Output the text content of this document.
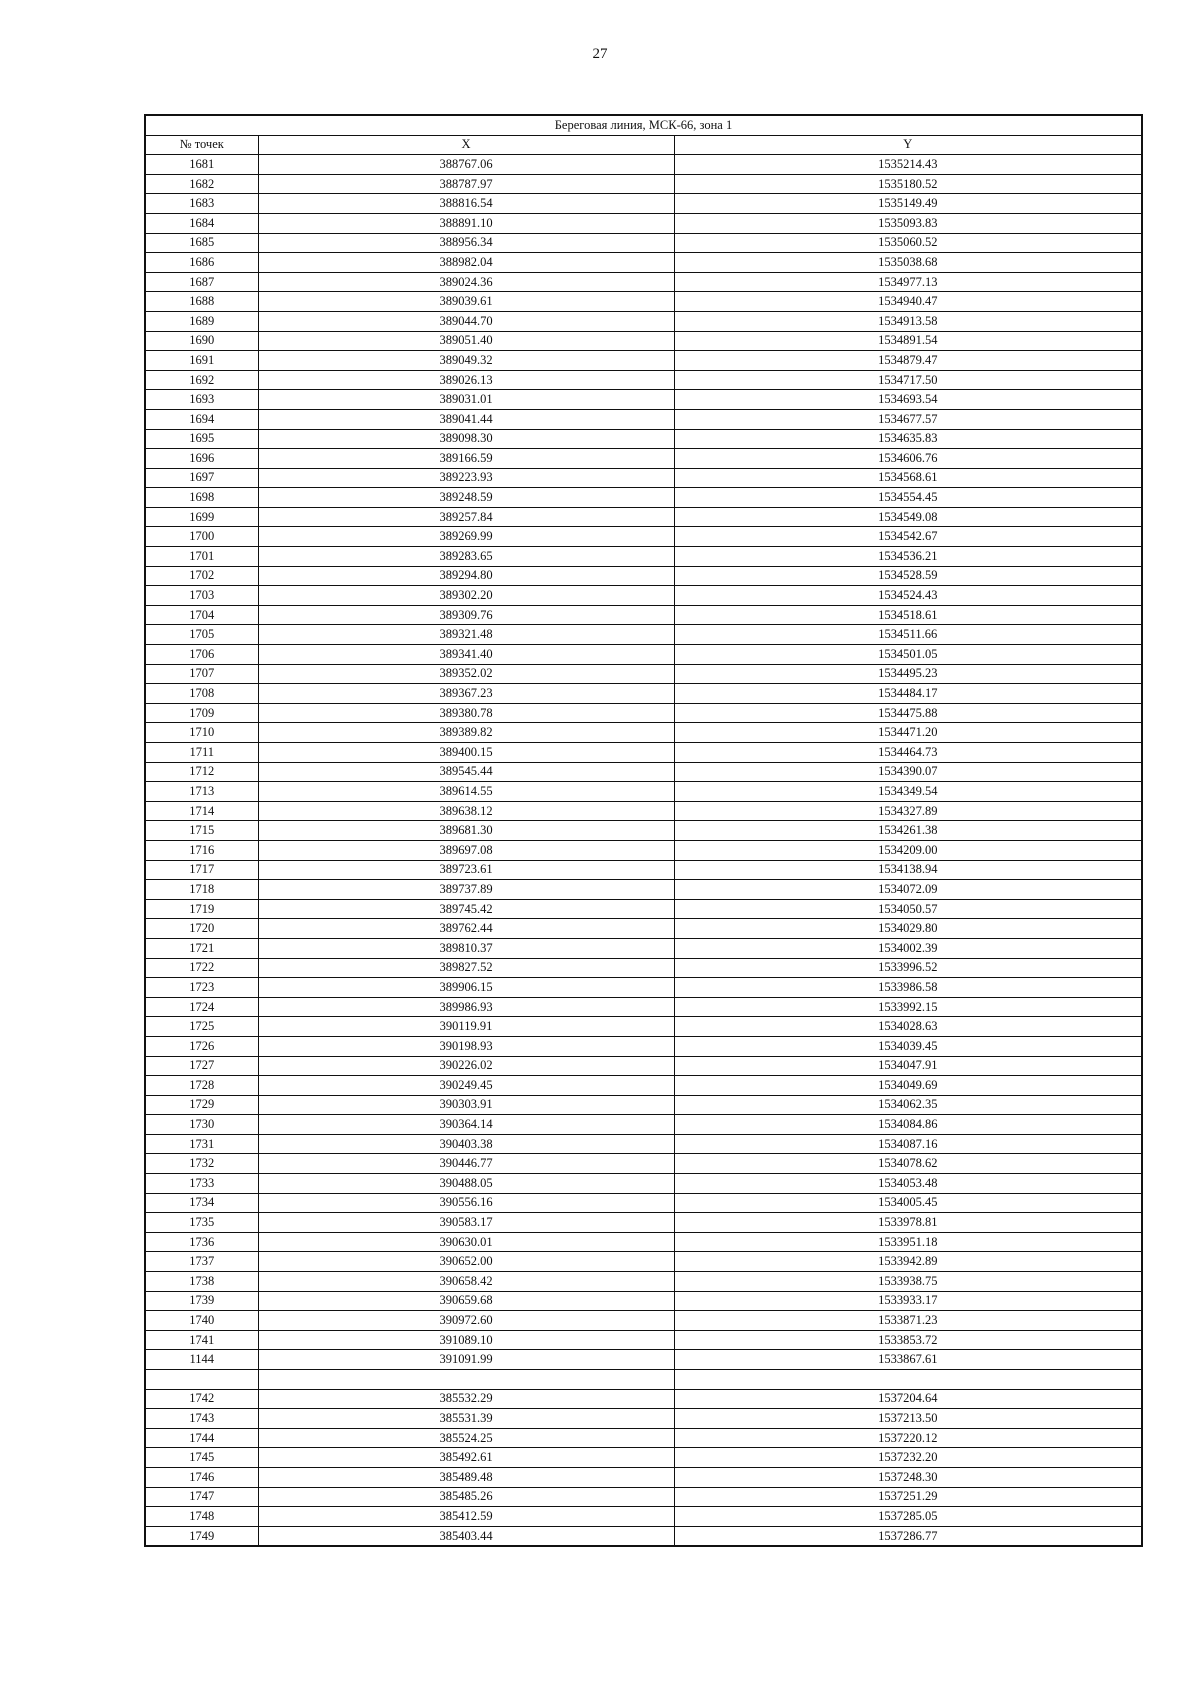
27
Береговая линия, МСК-66, зона 1		
№ точек	X	Y
1681	388767.06	1535214.43
1682	388787.97	1535180.52
1683	388816.54	1535149.49
1684	388891.10	1535093.83
1685	388956.34	1535060.52
1686	388982.04	1535038.68
1687	389024.36	1534977.13
1688	389039.61	1534940.47
1689	389044.70	1534913.58
1690	389051.40	1534891.54
1691	389049.32	1534879.47
1692	389026.13	1534717.50
1693	389031.01	1534693.54
1694	389041.44	1534677.57
1695	389098.30	1534635.83
1696	389166.59	1534606.76
1697	389223.93	1534568.61
1698	389248.59	1534554.45
1699	389257.84	1534549.08
1700	389269.99	1534542.67
1701	389283.65	1534536.21
1702	389294.80	1534528.59
1703	389302.20	1534524.43
1704	389309.76	1534518.61
1705	389321.48	1534511.66
1706	389341.40	1534501.05
1707	389352.02	1534495.23
1708	389367.23	1534484.17
1709	389380.78	1534475.88
1710	389389.82	1534471.20
1711	389400.15	1534464.73
1712	389545.44	1534390.07
1713	389614.55	1534349.54
1714	389638.12	1534327.89
1715	389681.30	1534261.38
1716	389697.08	1534209.00
1717	389723.61	1534138.94
1718	389737.89	1534072.09
1719	389745.42	1534050.57
1720	389762.44	1534029.80
1721	389810.37	1534002.39
1722	389827.52	1533996.52
1723	389906.15	1533986.58
1724	389986.93	1533992.15
1725	390119.91	1534028.63
1726	390198.93	1534039.45
1727	390226.02	1534047.91
1728	390249.45	1534049.69
1729	390303.91	1534062.35
1730	390364.14	1534084.86
1731	390403.38	1534087.16
1732	390446.77	1534078.62
1733	390488.05	1534053.48
1734	390556.16	1534005.45
1735	390583.17	1533978.81
1736	390630.01	1533951.18
1737	390652.00	1533942.89
1738	390658.42	1533938.75
1739	390659.68	1533933.17
1740	390972.60	1533871.23
1741	391089.10	1533853.72
1144	391091.99	1533867.61

1742	385532.29	1537204.64
1743	385531.39	1537213.50
1744	385524.25	1537220.12
1745	385492.61	1537232.20
1746	385489.48	1537248.30
1747	385485.26	1537251.29
1748	385412.59	1537285.05
1749	385403.44	1537286.77
